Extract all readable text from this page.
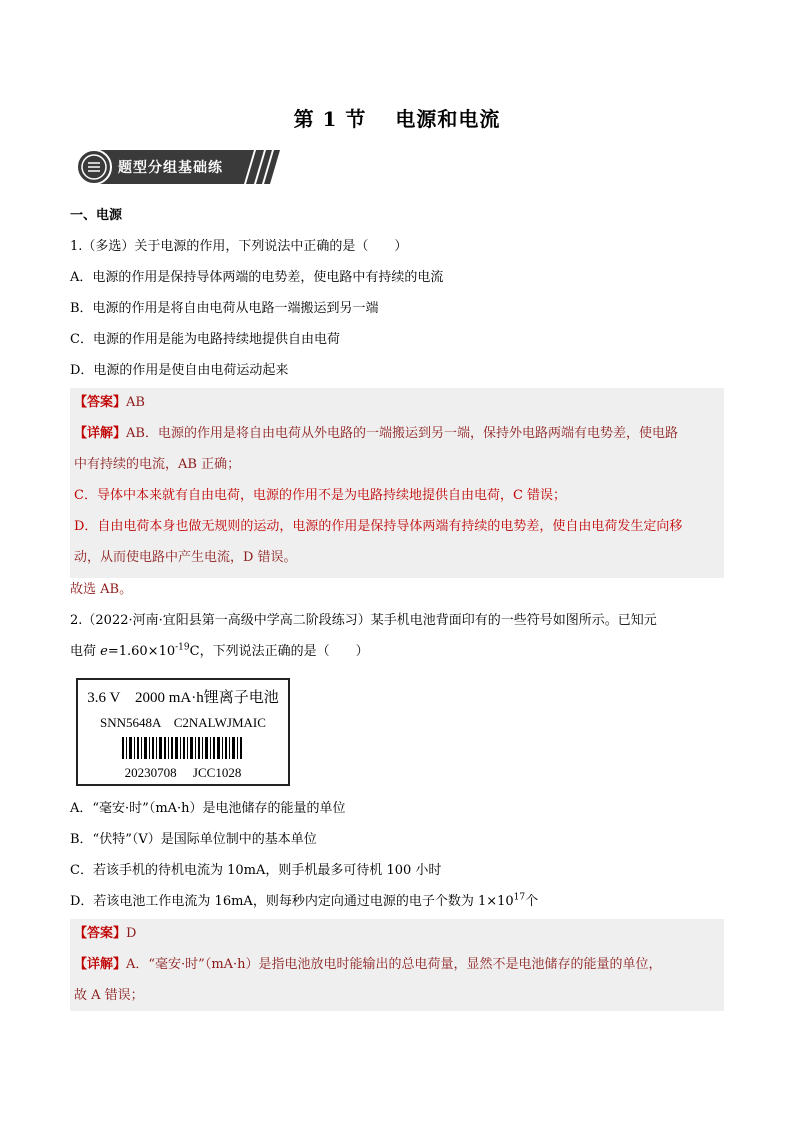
第 1 节　 电源和电流
题型分组基础练
一、电源
1.（多选）关于电源的作用，下列说法中正确的是（　　）
A．电源的作用是保持导体两端的电势差，使电路中有持续的电流
B．电源的作用是将自由电荷从电路一端搬运到另一端
C．电源的作用是能为电路持续地提供自由电荷
D．电源的作用是使自由电荷运动起来
【答案】AB
【详解】AB．电源的作用是将自由电荷从外电路的一端搬运到另一端，保持外电路两端有电势差，使电路
中有持续的电流，AB 正确；
C．导体中本来就有自由电荷，电源的作用不是为电路持续地提供自由电荷，C 错误；
D．自由电荷本身也做无规则的运动，电源的作用是保持导体两端有持续的电势差，使自由电荷发生定向移
动，从而使电路中产生电流，D 错误。
故选 AB。
2.（2022·河南·宜阳县第一高级中学高二阶段练习）某手机电池背面印有的一些符号如图所示。已知元
电荷 $e=1.60\times 10^{-19}C$，下列说法正确的是（　　）
3.6 V　2000 mA·h锂离子电池
SNN5648A　C2NALWJMAIC
20230708　 JCC1028
A．“毫安·时”（mA·h）是电池储存的能量的单位
B．“伏特”（V）是国际单位制中的基本单位
C．若该手机的待机电流为 10mA，则手机最多可待机 100 小时
D．若该电池工作电流为 16mA，则每秒内定向通过电源的电子个数为 $1\times 10^{17}$个
【答案】D
【详解】A．“毫安·时”（mA·h）是指电池放电时能输出的总电荷量，显然不是电池储存的能量的单位，
故 A 错误；
